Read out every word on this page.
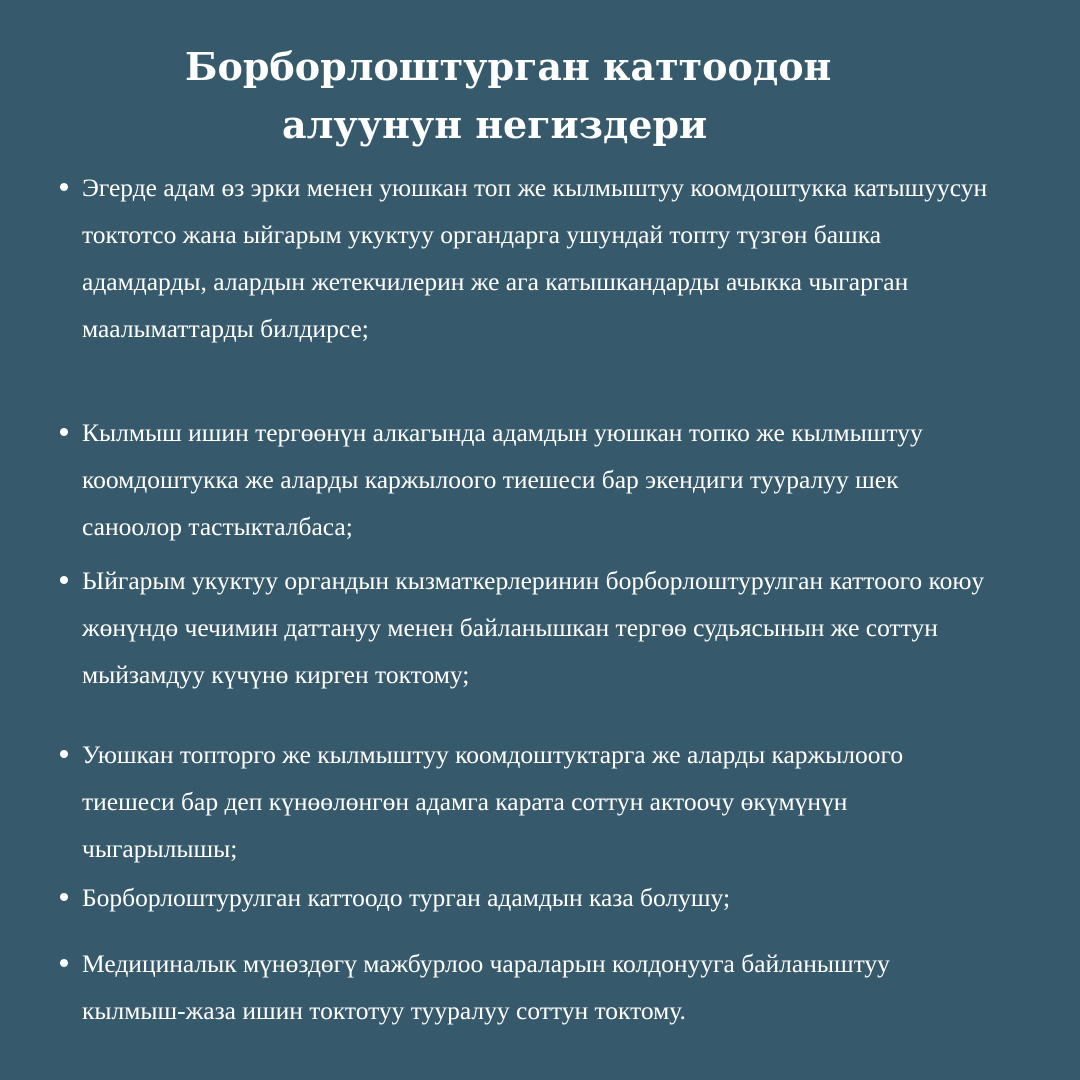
Борборлоштурган каттоодон
алуунун негиздери
Эгерде адам өз эрки менен уюшкан топ же кылмыштуу коомдоштукка катышуусун токтотсо жана ыйгарым укуктуу органдарга ушундай топту түзгөн башка адамдарды, алардын жетекчилерин же ага катышкандарды ачыкка чыгарган маалыматтарды билдирсе;
Кылмыш ишин тергөөнүн алкагында адамдын уюшкан топко же кылмыштуу коомдоштукка же аларды каржылоого тиешеси бар экендиги тууралуу шек саноолор тастыкталбаса;
Ыйгарым укуктуу органдын кызматкерлеринин борборлоштурулган каттоого коюу жөнүндө чечимин даттануу менен байланышкан тергөө судьясынын же соттун мыйзамдуу күчүнө кирген токтому;
Уюшкан топторго же кылмыштуу коомдоштуктарга же аларды каржылоого тиешеси бар деп күнөөлөнгөн адамга карата соттун актоочу өкүмүнүн чыгарылышы;
Борборлоштурулган каттоодо турган адамдын каза болушу;
Медициналык мүнөздөгү мажбурлоо чараларын колдонууга байланыштуу кылмыш-жаза ишин токтотуу тууралуу соттун токтому.
